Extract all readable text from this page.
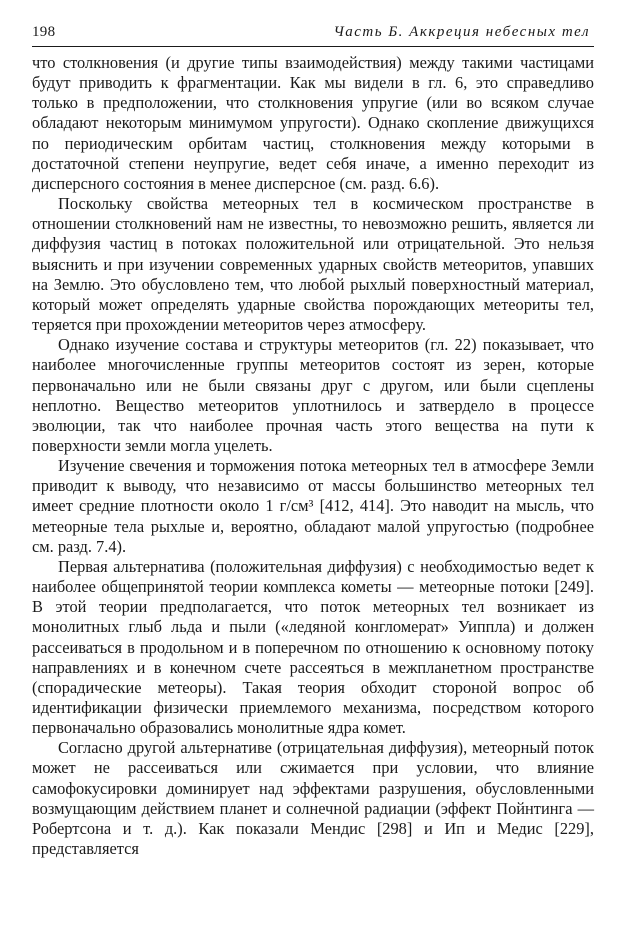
198	Часть Б. Аккреция небесных тел

что столкновения (и другие типы взаимодействия) между такими частицами будут приводить к фрагментации. Как мы видели в гл. 6, это справедливо только в предположении, что столкновения упругие (или во всяком случае обладают некоторым минимумом упругости). Однако скопление движущихся по периодическим орбитам частиц, столкновения между которыми в достаточной степени неупругие, ведет себя иначе, а именно переходит из дисперсного состояния в менее дисперсное (см. разд. 6.6).

Поскольку свойства метеорных тел в космическом пространстве в отношении столкновений нам не известны, то невозможно решить, является ли диффузия частиц в потоках положительной или отрицательной. Это нельзя выяснить и при изучении современных ударных свойств метеоритов, упавших на Землю. Это обусловлено тем, что любой рыхлый поверхностный материал, который может определять ударные свойства порождающих метеориты тел, теряется при прохождении метеоритов через атмосферу.

Однако изучение состава и структуры метеоритов (гл. 22) показывает, что наиболее многочисленные группы метеоритов состоят из зерен, которые первоначально или не были связаны друг с другом, или были сцеплены неплотно. Вещество метеоритов уплотнилось и затвердело в процессе эволюции, так что наиболее прочная часть этого вещества на пути к поверхности земли могла уцелеть.

Изучение свечения и торможения потока метеорных тел в атмосфере Земли приводит к выводу, что независимо от массы большинство метеорных тел имеет средние плотности около 1 г/см³ [412, 414]. Это наводит на мысль, что метеорные тела рыхлые и, вероятно, обладают малой упругостью (подробнее см. разд. 7.4).

Первая альтернатива (положительная диффузия) с необходимостью ведет к наиболее общепринятой теории комплекса кометы — метеорные потоки [249]. В этой теории предполагается, что поток метеорных тел возникает из монолитных глыб льда и пыли («ледяной конгломерат» Уиппла) и должен рассеиваться в продольном и в поперечном по отношению к основному потоку направлениях и в конечном счете рассеяться в межпланетном пространстве (спорадические метеоры). Такая теория обходит стороной вопрос об идентификации физически приемлемого механизма, посредством которого первоначально образовались монолитные ядра комет.

Согласно другой альтернативе (отрицательная диффузия), метеорный поток может не рассеиваться или сжимается при условии, что влияние самофокусировки доминирует над эффектами разрушения, обусловленными возмущающим действием планет и солнечной радиации (эффект Пойнтинга — Робертсона и т. д.). Как показали Мендис [298] и Ип и Медис [229], представляется
